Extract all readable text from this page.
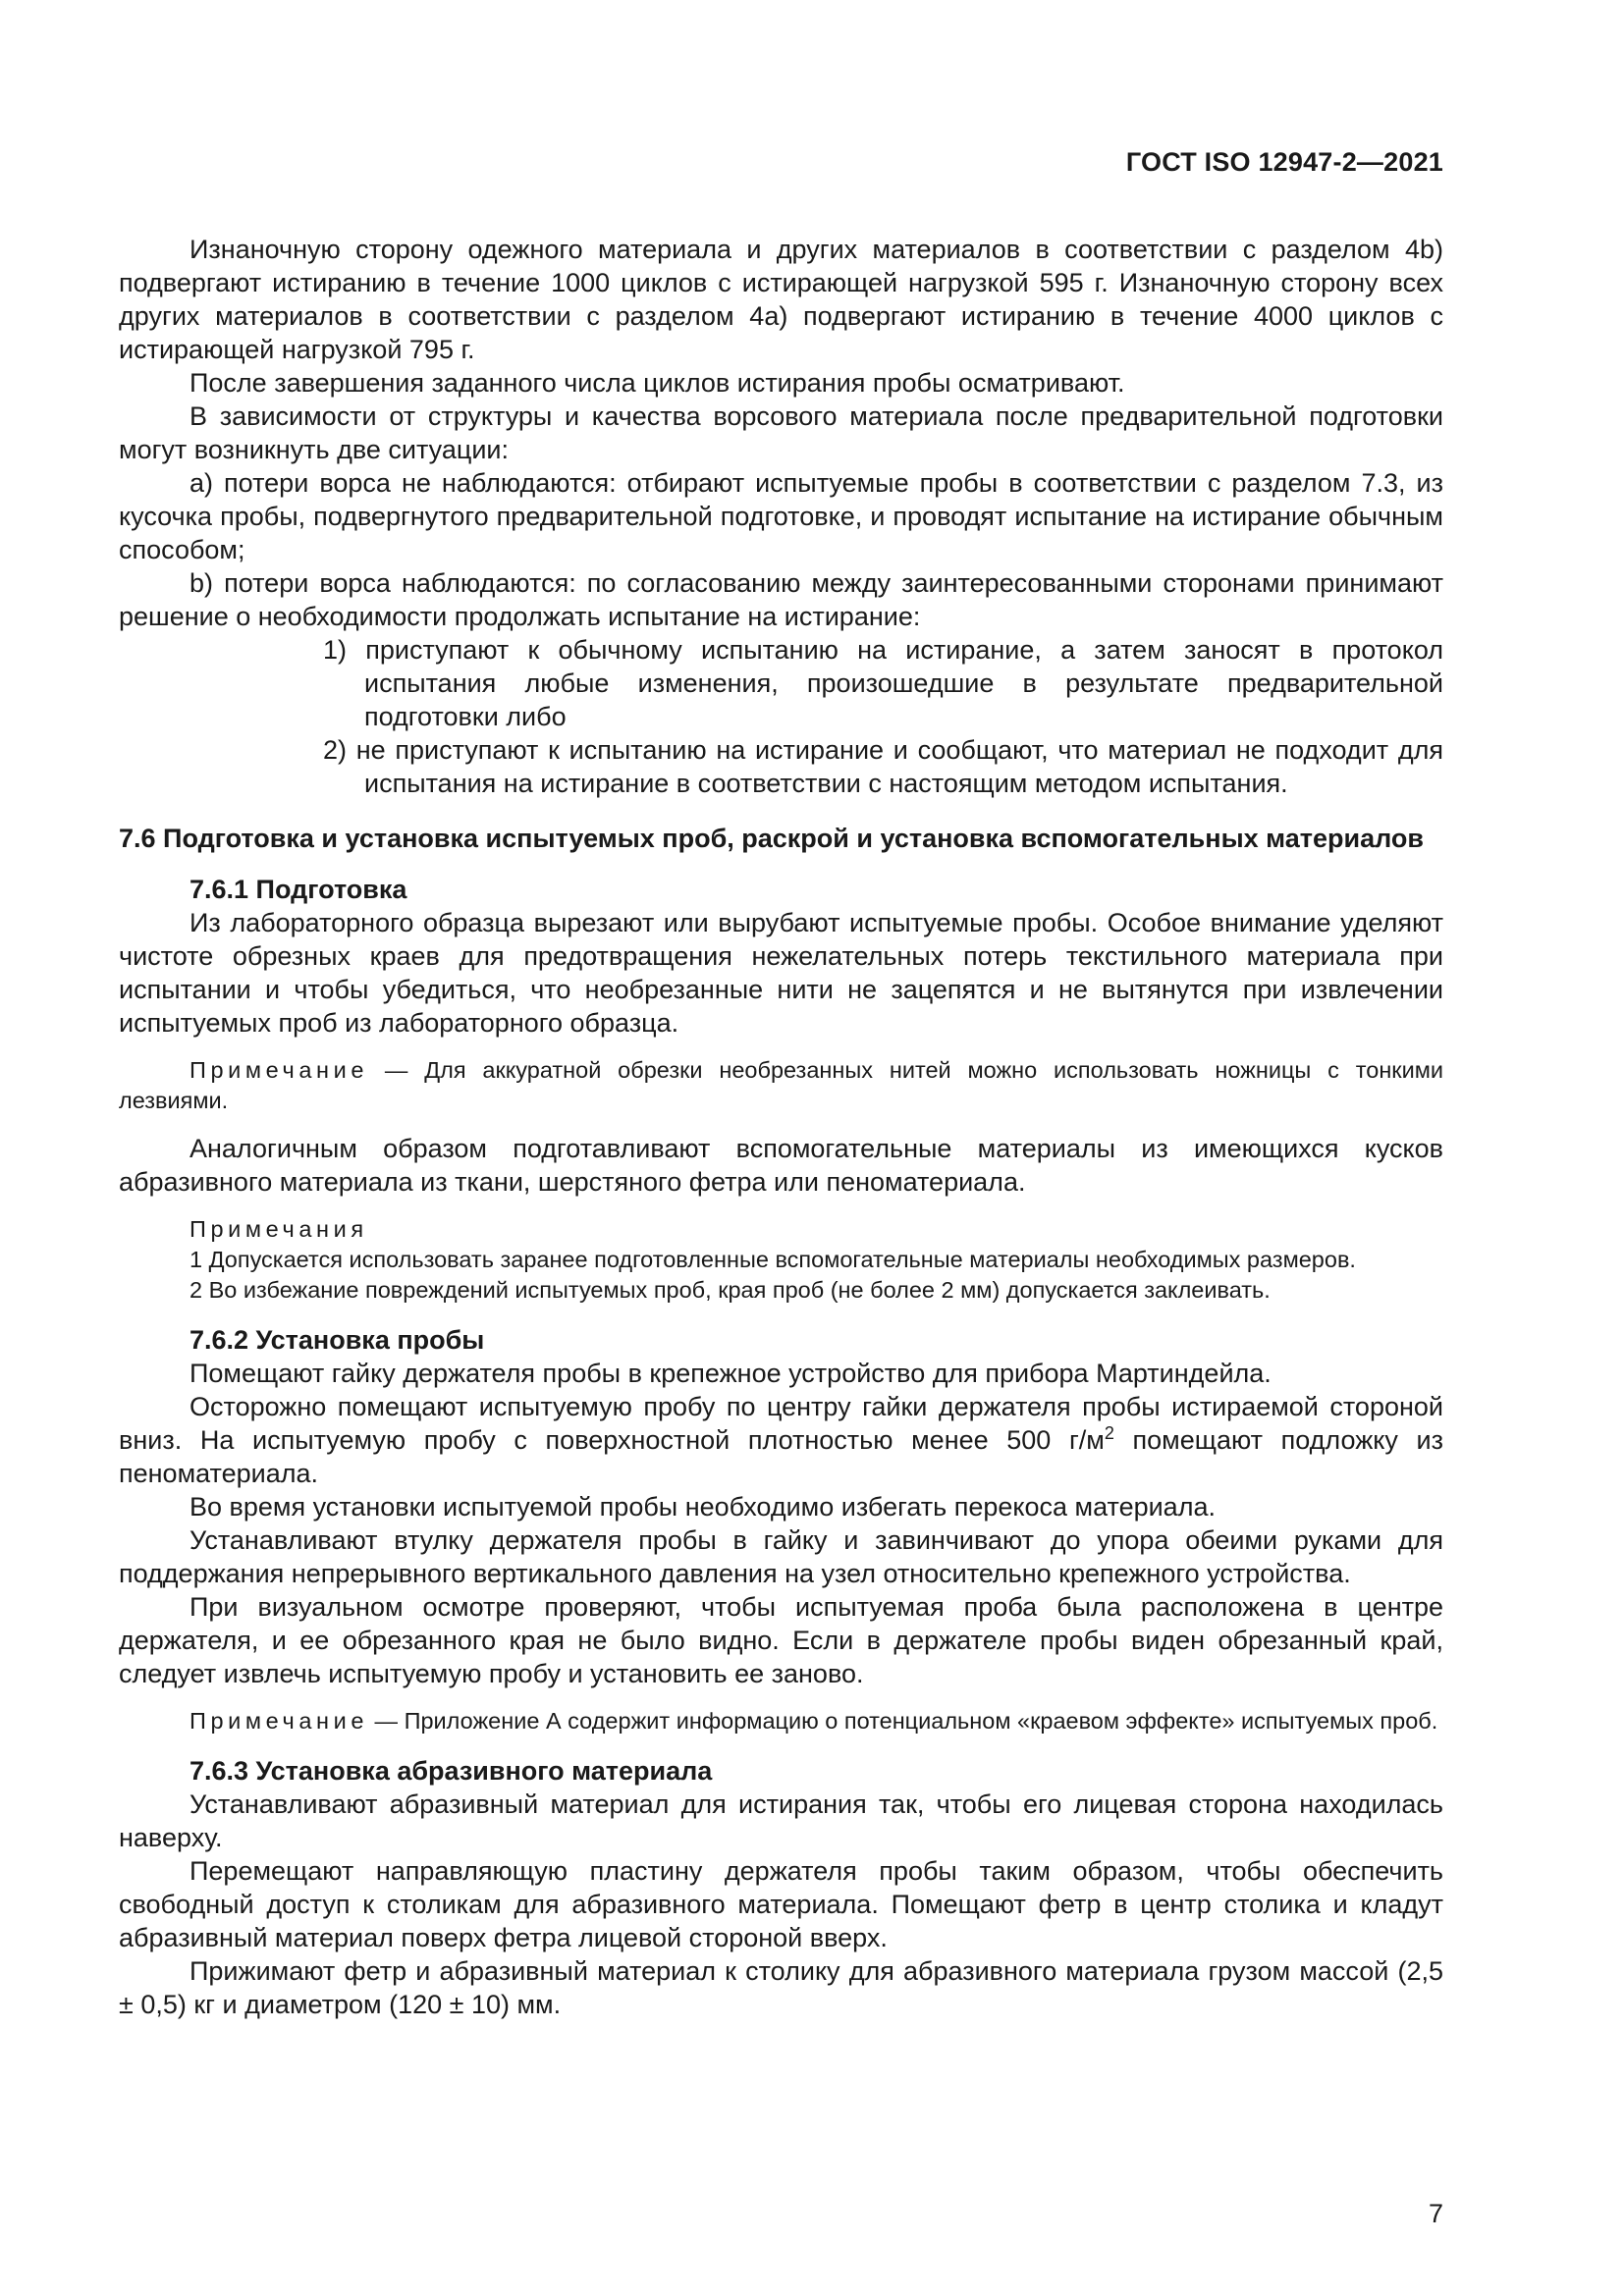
ГОСТ ISO 12947-2—2021

Изнаночную сторону одежного материала и других материалов в соответствии с разделом 4b) подвергают истиранию в течение 1000 циклов с истирающей нагрузкой 595 г. Изнаночную сторону всех других материалов в соответствии с разделом 4a) подвергают истиранию в течение 4000 циклов с истирающей нагрузкой 795 г.

После завершения заданного числа циклов истирания пробы осматривают.

В зависимости от структуры и качества ворсового материала после предварительной подготовки могут возникнуть две ситуации:

a) потери ворса не наблюдаются: отбирают испытуемые пробы в соответствии с разделом 7.3, из кусочка пробы, подвергнутого предварительной подготовке, и проводят испытание на истирание обычным способом;

b) потери ворса наблюдаются: по согласованию между заинтересованными сторонами принимают решение о необходимости продолжать испытание на истирание:

1) приступают к обычному испытанию на истирание, а затем заносят в протокол испытания любые изменения, произошедшие в результате предварительной подготовки либо

2) не приступают к испытанию на истирание и сообщают, что материал не подходит для испытания на истирание в соответствии с настоящим методом испытания.

7.6 Подготовка и установка испытуемых проб, раскрой и установка вспомогательных материалов
7.6.1 Подготовка

Из лабораторного образца вырезают или вырубают испытуемые пробы. Особое внимание уделяют чистоте обрезных краев для предотвращения нежелательных потерь текстильного материала при испытании и чтобы убедиться, что необрезанные нити не зацепятся и не вытянутся при извлечении испытуемых проб из лабораторного образца.

Примечание — Для аккуратной обрезки необрезанных нитей можно использовать ножницы с тонкими лезвиями.

Аналогичным образом подготавливают вспомогательные материалы из имеющихся кусков абразивного материала из ткани, шерстяного фетра или пеноматериала.

Примечания
1 Допускается использовать заранее подготовленные вспомогательные материалы необходимых размеров.
2 Во избежание повреждений испытуемых проб, края проб (не более 2 мм) допускается заклеивать.
7.6.2 Установка пробы

Помещают гайку держателя пробы в крепежное устройство для прибора Мартиндейла.

Осторожно помещают испытуемую пробу по центру гайки держателя пробы истираемой стороной вниз. На испытуемую пробу с поверхностной плотностью менее 500 $г/м^2$ помещают подложку из пеноматериала.

Во время установки испытуемой пробы необходимо избегать перекоса материала.

Устанавливают втулку держателя пробы в гайку и завинчивают до упора обеими руками для поддержания непрерывного вертикального давления на узел относительно крепежного устройства.

При визуальном осмотре проверяют, чтобы испытуемая проба была расположена в центре держателя, и ее обрезанного края не было видно. Если в держателе пробы виден обрезанный край, следует извлечь испытуемую пробу и установить ее заново.

Примечание — Приложение А содержит информацию о потенциальном «краевом эффекте» испытуемых проб.
7.6.3 Установка абразивного материала

Устанавливают абразивный материал для истирания так, чтобы его лицевая сторона находилась наверху.

Перемещают направляющую пластину держателя пробы таким образом, чтобы обеспечить свободный доступ к столикам для абразивного материала. Помещают фетр в центр столика и кладут абразивный материал поверх фетра лицевой стороной вверх.

Прижимают фетр и абразивный материал к столику для абразивного материала грузом массой (2,5 ± 0,5) кг и диаметром (120 ± 10) мм.

7
